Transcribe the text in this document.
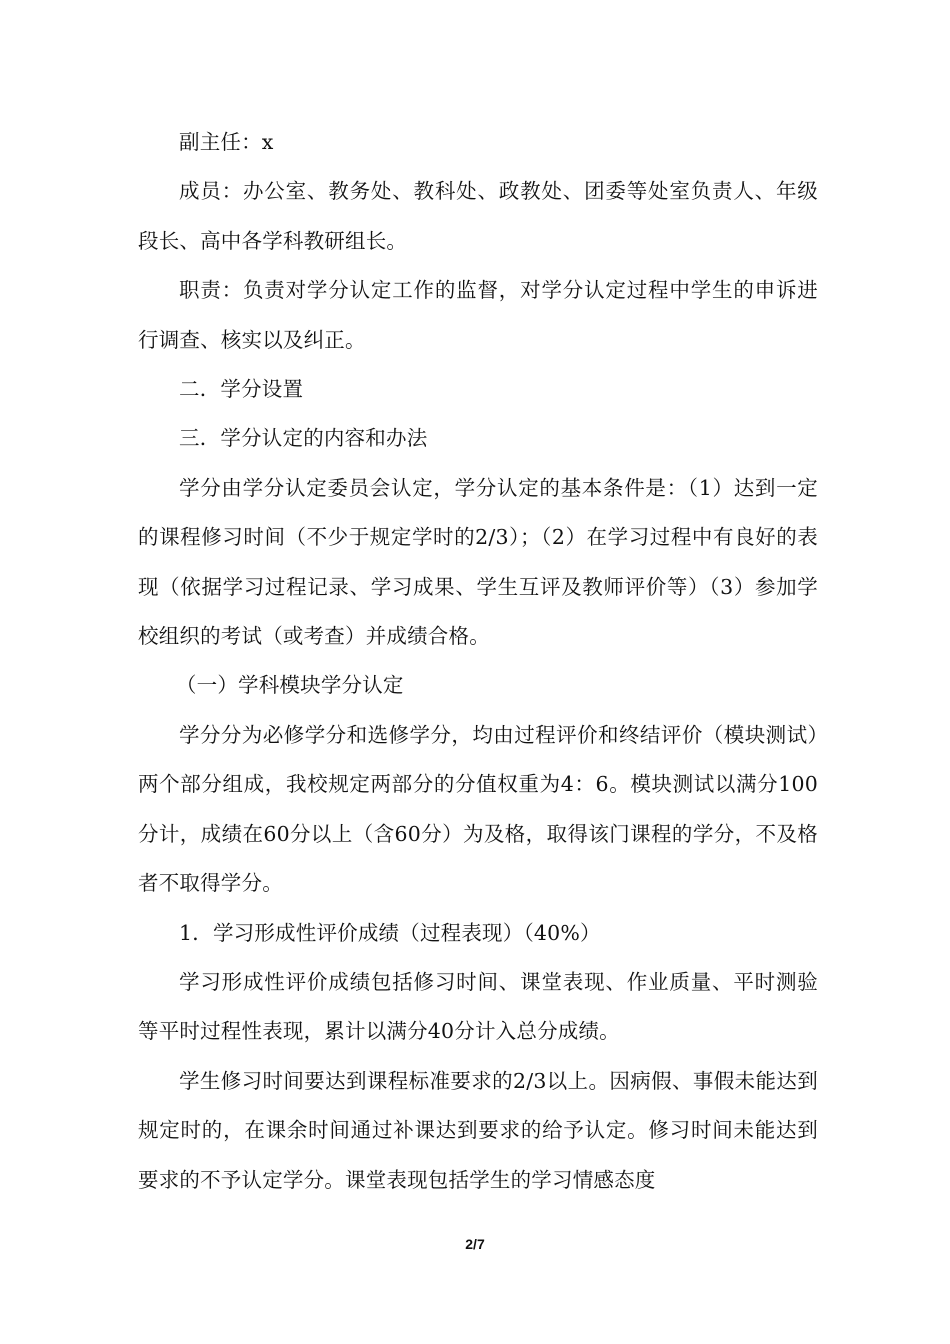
副主任：x

成员：办公室、教务处、教科处、政教处、团委等处室负责人、年级段长、高中各学科教研组长。

职责：负责对学分认定工作的监督，对学分认定过程中学生的申诉进行调查、核实以及纠正。

二．学分设置

三．学分认定的内容和办法

学分由学分认定委员会认定，学分认定的基本条件是：（1）达到一定的课程修习时间（不少于规定学时的2/3）；（2）在学习过程中有良好的表现（依据学习过程记录、学习成果、学生互评及教师评价等）（3）参加学校组织的考试（或考查）并成绩合格。

（一）学科模块学分认定

学分分为必修学分和选修学分，均由过程评价和终结评价（模块测试）两个部分组成，我校规定两部分的分值权重为4：6。模块测试以满分100分计，成绩在60分以上（含60分）为及格，取得该门课程的学分，不及格者不取得学分。

1．学习形成性评价成绩（过程表现）（40%）

学习形成性评价成绩包括修习时间、课堂表现、作业质量、平时测验等平时过程性表现，累计以满分40分计入总分成绩。

学生修习时间要达到课程标准要求的2/3以上。因病假、事假未能达到规定时的，在课余时间通过补课达到要求的给予认定。修习时间未能达到要求的不予认定学分。课堂表现包括学生的学习情感态度

2/7
